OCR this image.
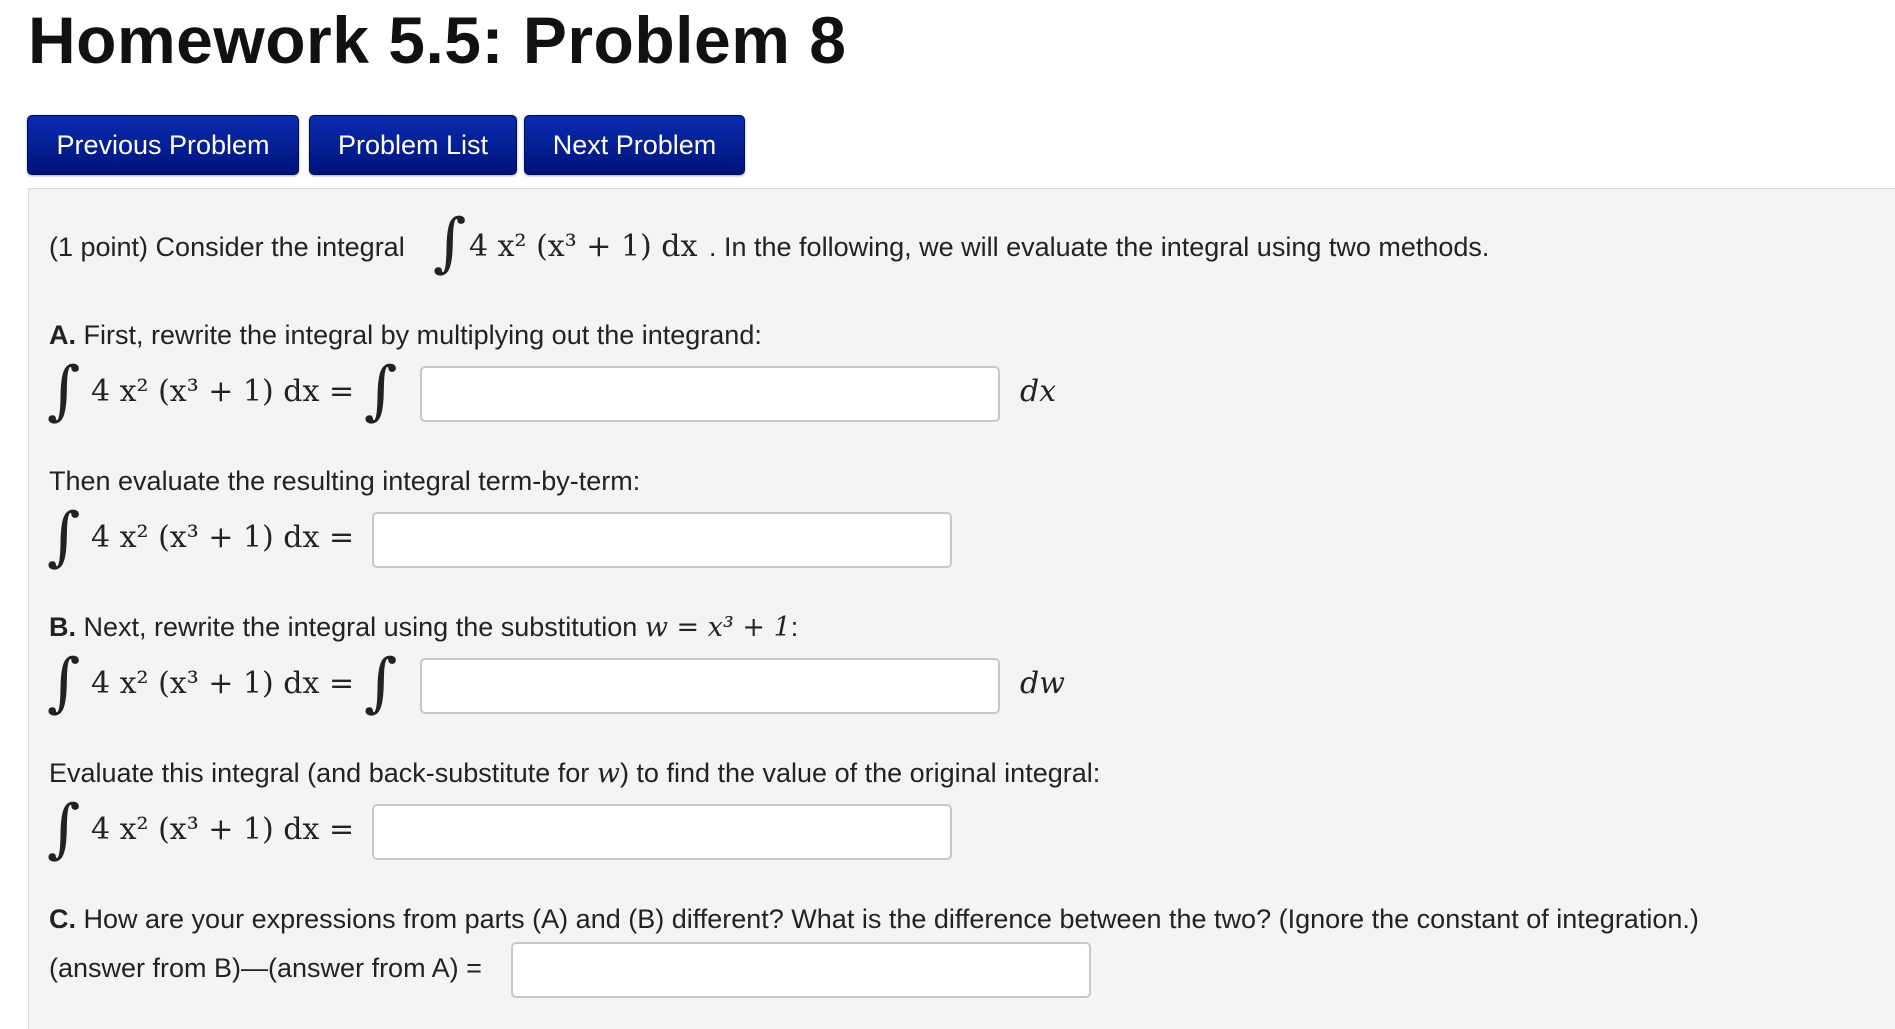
Homework 5.5: Problem 8
Previous Problem	Problem List	Next Problem
(1 point) Consider the integral ∫ 4 x² (x³ + 1) dx . In the following, we will evaluate the integral using two methods.
A. First, rewrite the integral by multiplying out the integrand:
∫ 4 x² (x³ + 1) dx = ∫	dx
Then evaluate the resulting integral term-by-term:
∫ 4 x² (x³ + 1) dx =
B. Next, rewrite the integral using the substitution w = x³ + 1:
∫ 4 x² (x³ + 1) dx = ∫	dw
Evaluate this integral (and back-substitute for w) to find the value of the original integral:
∫ 4 x² (x³ + 1) dx =
C. How are your expressions from parts (A) and (B) different? What is the difference between the two? (Ignore the constant of integration.)
(answer from B)—(answer from A) =
